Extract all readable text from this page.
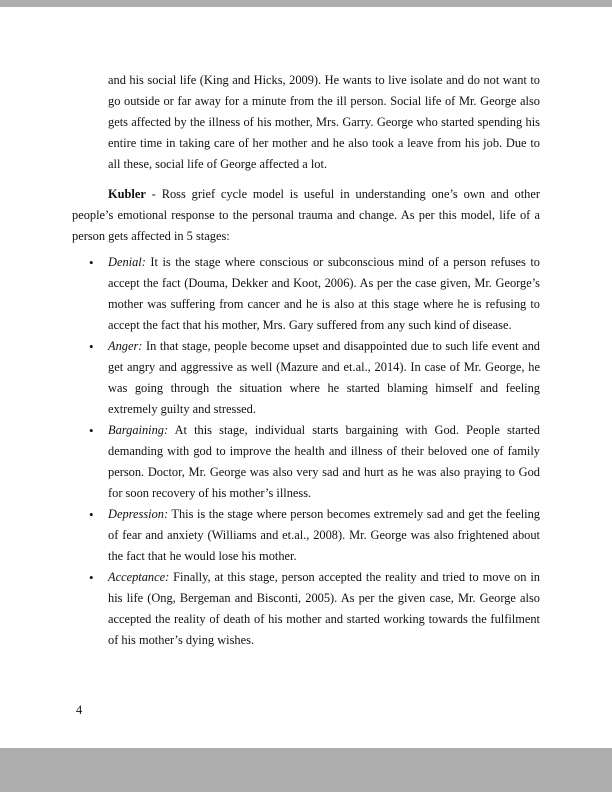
and his social life (King and Hicks, 2009). He wants to live isolate and do not want to go outside or far away for a minute from the ill person. Social life of Mr. George also gets affected by the illness of his mother, Mrs. Garry. George who started spending his entire time in taking care of her mother and he also took a leave from his job. Due to all these, social life of George affected a lot.

Kubler - Ross grief cycle model is useful in understanding one’s own and other people’s emotional response to the personal trauma and change. As per this model, life of a person gets affected in 5 stages:

• Denial: It is the stage where conscious or subconscious mind of a person refuses to accept the fact (Douma, Dekker and Koot, 2006). As per the case given, Mr. George’s mother was suffering from cancer and he is also at this stage where he is refusing to accept the fact that his mother, Mrs. Gary suffered from any such kind of disease.
• Anger: In that stage, people become upset and disappointed due to such life event and get angry and aggressive as well (Mazure and et.al., 2014). In case of Mr. George, he was going through the situation where he started blaming himself and feeling extremely guilty and stressed.
• Bargaining: At this stage, individual starts bargaining with God. People started demanding with god to improve the health and illness of their beloved one of family person. Doctor, Mr. George was also very sad and hurt as he was also praying to God for soon recovery of his mother’s illness.
• Depression: This is the stage where person becomes extremely sad and get the feeling of fear and anxiety (Williams and et.al., 2008). Mr. George was also frightened about the fact that he would lose his mother.
• Acceptance: Finally, at this stage, person accepted the reality and tried to move on in his life (Ong, Bergeman and Bisconti, 2005). As per the given case, Mr. George also accepted the reality of death of his mother and started working towards the fulfilment of his mother’s dying wishes.
4
